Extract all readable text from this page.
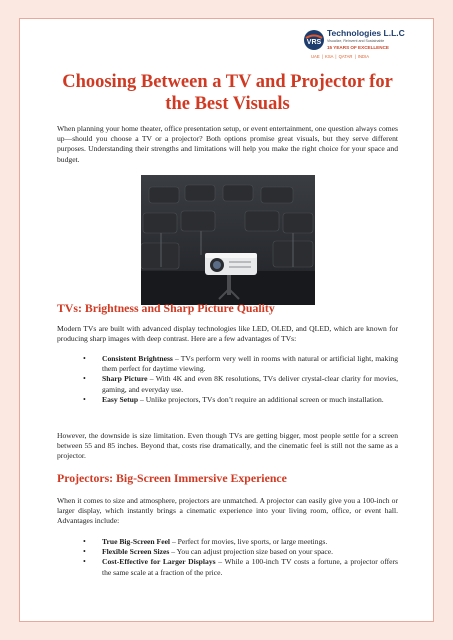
VRS
Technologies L.L.C
Visualize, Reinvent and Sustainable
15 YEARS OF EXCELLENCE
UAE | KSA | QATAR | INDIA
Choosing Between a TV and Projector for the Best Visuals

When planning your home theater, office presentation setup, or event entertainment, one question always comes up—should you choose a TV or a projector? Both options promise great visuals, but they serve different purposes. Understanding their strengths and limitations will help you make the right choice for your space and budget.

TVs: Brightness and Sharp Picture Quality

Modern TVs are built with advanced display technologies like LED, OLED, and QLED, which are known for producing sharp images with deep contrast. Here are a few advantages of TVs:

• Consistent Brightness – TVs perform very well in rooms with natural or artificial light, making them perfect for daytime viewing.
• Sharp Picture – With 4K and even 8K resolutions, TVs deliver crystal-clear clarity for movies, gaming, and everyday use.
• Easy Setup – Unlike projectors, TVs don’t require an additional screen or much installation.

However, the downside is size limitation. Even though TVs are getting bigger, most people settle for a screen between 55 and 85 inches. Beyond that, costs rise dramatically, and the cinematic feel is still not the same as a projector.

Projectors: Big-Screen Immersive Experience

When it comes to size and atmosphere, projectors are unmatched. A projector can easily give you a 100-inch or larger display, which instantly brings a cinematic experience into your living room, office, or event hall. Advantages include:

• True Big-Screen Feel – Perfect for movies, live sports, or large meetings.
• Flexible Screen Sizes – You can adjust projection size based on your space.
• Cost-Effective for Larger Displays – While a 100-inch TV costs a fortune, a projector offers the same scale at a fraction of the price.
